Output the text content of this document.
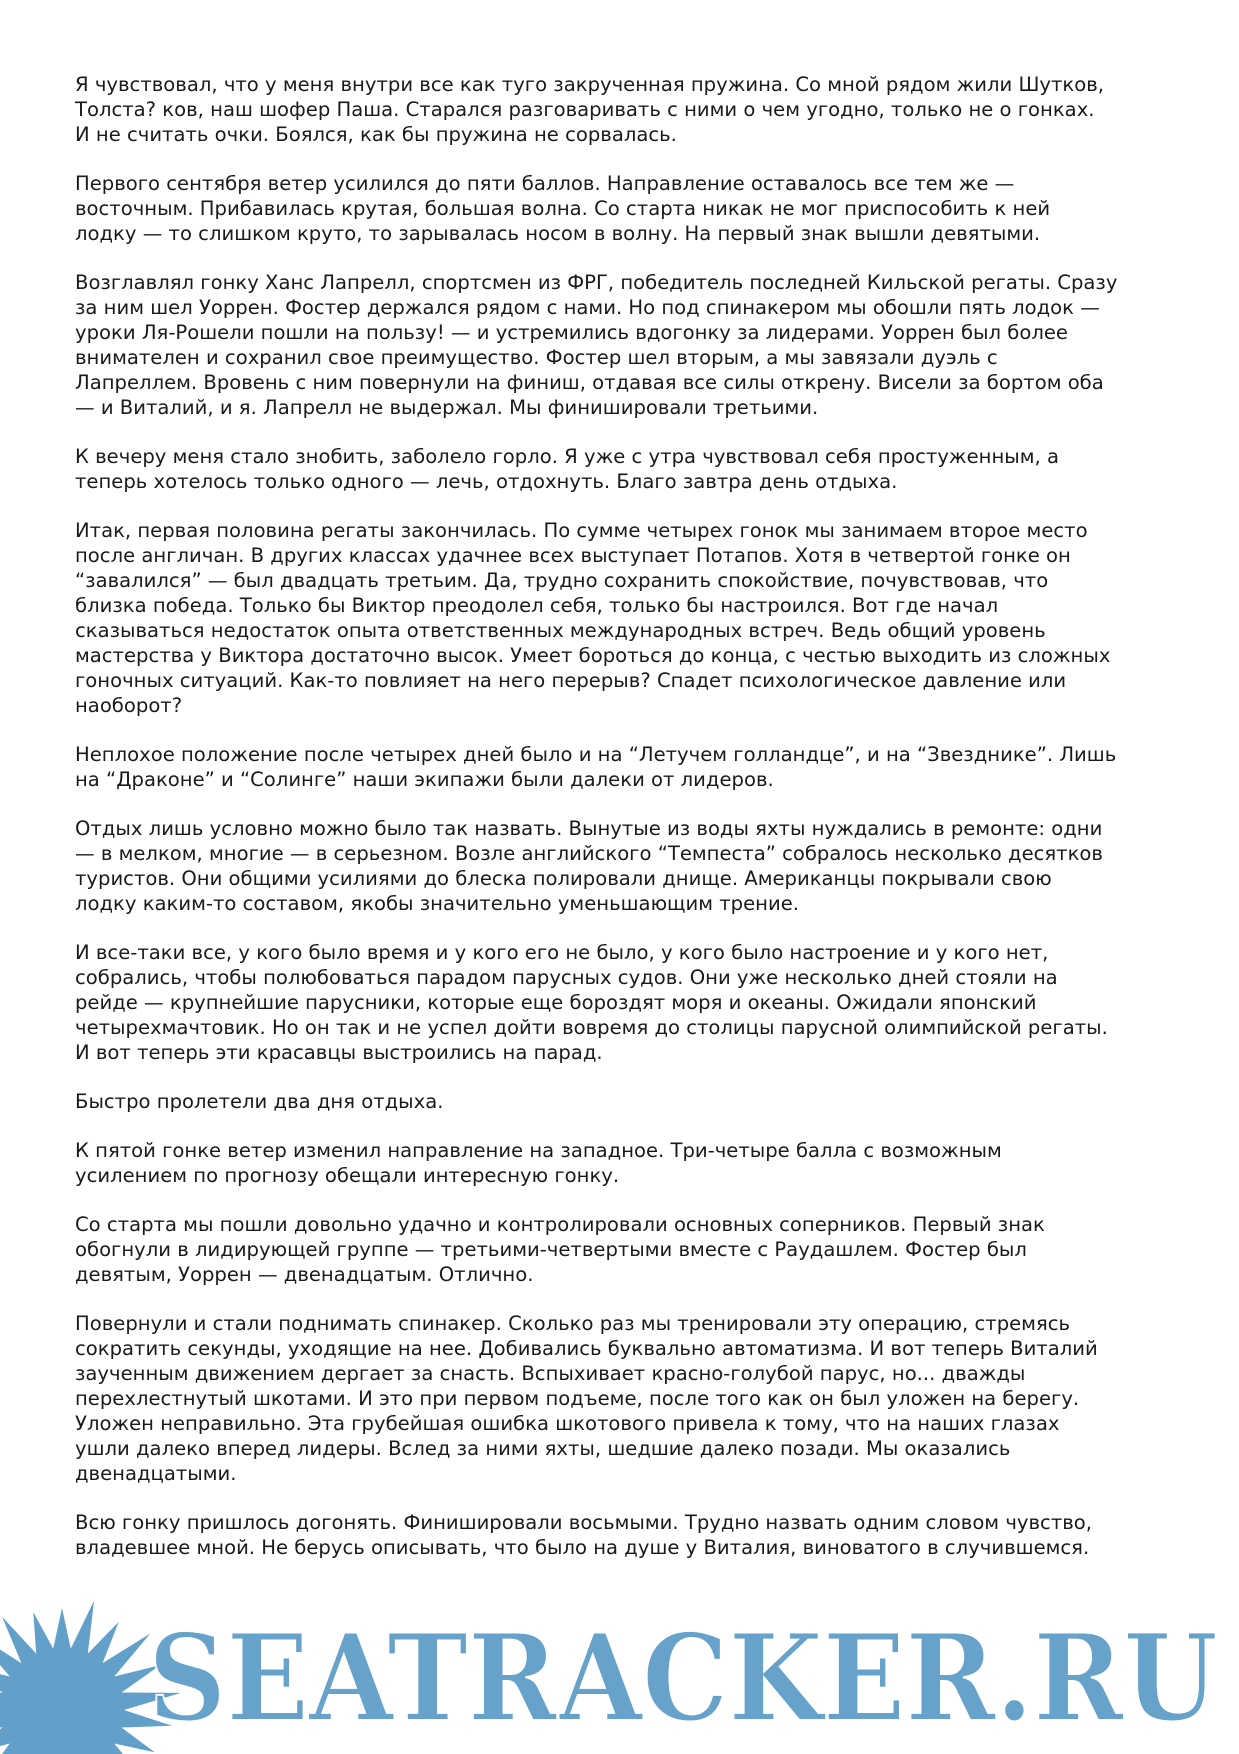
Я чувствовал, что у меня внутри все как туго закрученная пружина. Со мной рядом жили Шутков,
Толста? ков, наш шофер Паша. Старался разговаривать с ними о чем угодно, только не о гонках.
И не считать очки. Боялся, как бы пружина не сорвалась.

Первого сентября ветер усилился до пяти баллов. Направление оставалось все тем же —
восточным. Прибавилась крутая, большая волна. Со старта никак не мог приспособить к ней
лодку — то слишком круто, то зарывалась носом в волну. На первый знак вышли девятыми.

Возглавлял гонку Ханс Лапрелл, спортсмен из ФРГ, победитель последней Кильской регаты. Сразу
за ним шел Уоррен. Фостер держался рядом с нами. Но под спинакером мы обошли пять лодок —
уроки Ля-Рошели пошли на пользу! — и устремились вдогонку за лидерами. Уоррен был более
внимателен и сохранил свое преимущество. Фостер шел вторым, а мы завязали дуэль с
Лапреллем. Вровень с ним повернули на финиш, отдавая все силы открену. Висели за бортом оба
— и Виталий, и я. Лапрелл не выдержал. Мы финишировали третьими.

К вечеру меня стало знобить, заболело горло. Я уже с утра чувствовал себя простуженным, а
теперь хотелось только одного — лечь, отдохнуть. Благо завтра день отдыха.

Итак, первая половина регаты закончилась. По сумме четырех гонок мы занимаем второе место
после англичан. В других классах удачнее всех выступает Потапов. Хотя в четвертой гонке он
“завалился” — был двадцать третьим. Да, трудно сохранить спокойствие, почувствовав, что
близка победа. Только бы Виктор преодолел себя, только бы настроился. Вот где начал
сказываться недостаток опыта ответственных международных встреч. Ведь общий уровень
мастерства у Виктора достаточно высок. Умеет бороться до конца, с честью выходить из сложных
гоночных ситуаций. Как-то повлияет на него перерыв? Спадет психологическое давление или
наоборот?

Неплохое положение после четырех дней было и на “Летучем голландце”, и на “Звезднике”. Лишь
на “Драконе” и “Солинге” наши экипажи были далеки от лидеров.

Отдых лишь условно можно было так назвать. Вынутые из воды яхты нуждались в ремонте: одни
— в мелком, многие — в серьезном. Возле английского “Темпеста” собралось несколько десятков
туристов. Они общими усилиями до блеска полировали днище. Американцы покрывали свою
лодку каким-то составом, якобы значительно уменьшающим трение.

И все-таки все, у кого было время и у кого его не было, у кого было настроение и у кого нет,
собрались, чтобы полюбоваться парадом парусных судов. Они уже несколько дней стояли на
рейде — крупнейшие парусники, которые еще бороздят моря и океаны. Ожидали японский
четырехмачтовик. Но он так и не успел дойти вовремя до столицы парусной олимпийской регаты.
И вот теперь эти красавцы выстроились на парад.

Быстро пролетели два дня отдыха.

К пятой гонке ветер изменил направление на западное. Три-четыре балла с возможным
усилением по прогнозу обещали интересную гонку.

Со старта мы пошли довольно удачно и контролировали основных соперников. Первый знак
обогнули в лидирующей группе — третьими-четвертыми вместе с Раудашлем. Фостер был
девятым, Уоррен — двенадцатым. Отлично.

Повернули и стали поднимать спинакер. Сколько раз мы тренировали эту операцию, стремясь
сократить секунды, уходящие на нее. Добивались буквально автоматизма. И вот теперь Виталий
заученным движением дергает за снасть. Вспыхивает красно-голубой парус, но... дважды
перехлестнутый шкотами. И это при первом подъеме, после того как он был уложен на берегу.
Уложен неправильно. Эта грубейшая ошибка шкотового привела к тому, что на наших глазах
ушли далеко вперед лидеры. Вслед за ними яхты, шедшие далеко позади. Мы оказались
двенадцатыми.

Всю гонку пришлось догонять. Финишировали восьмыми. Трудно назвать одним словом чувство,
владевшее мной. Не берусь описывать, что было на душе у Виталия, виноватого в случившемся.

SEATRACKER.RU
